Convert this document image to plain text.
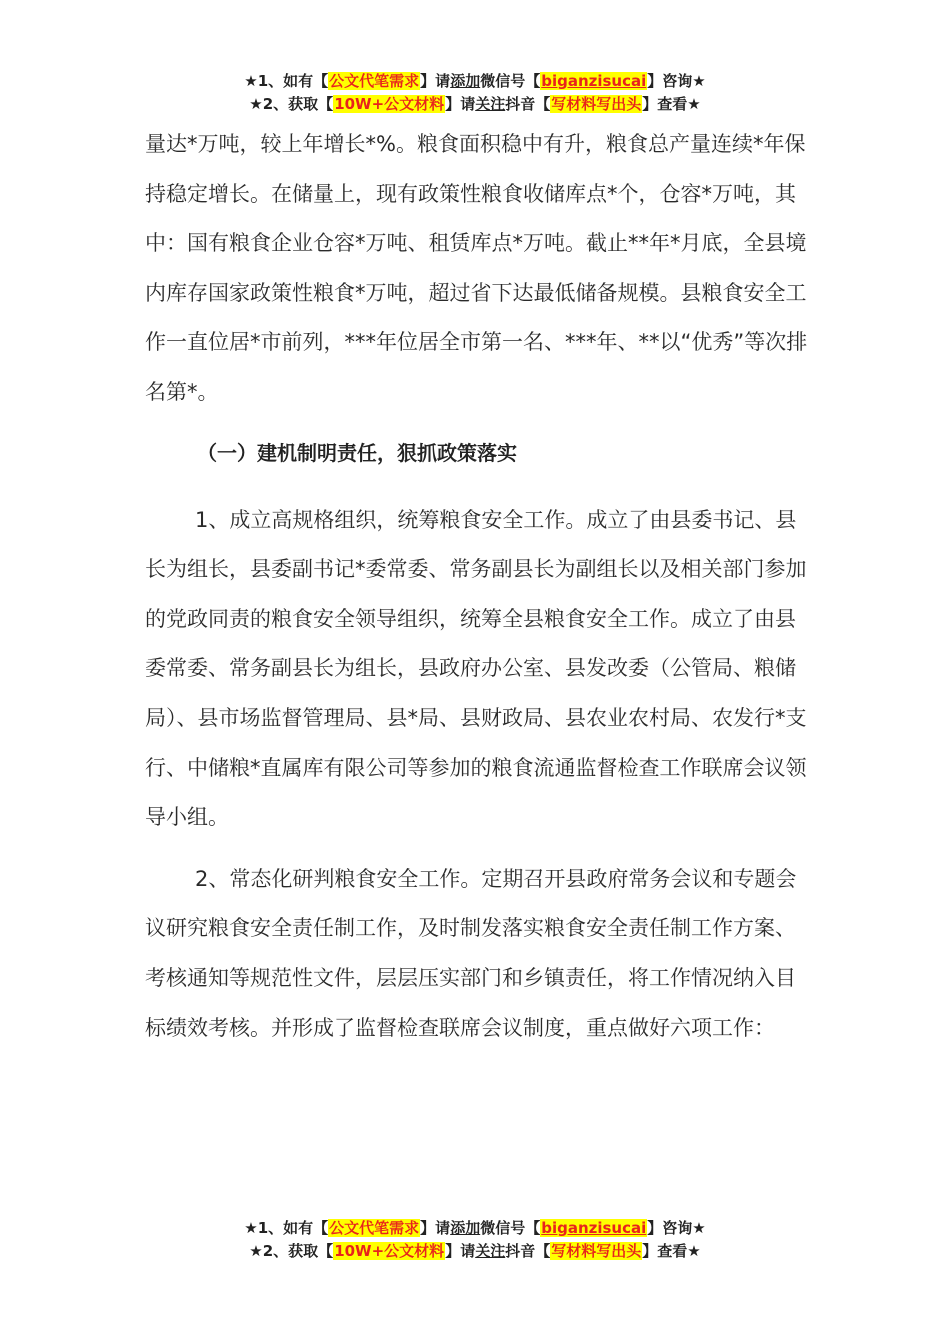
★1、如有【公文代笔需求】请添加微信号【biganzisucai】咨询★
★2、获取【10W+公文材料】请关注抖音【写材料写出头】查看★

量达*万吨，较上年增长*%。粮食面积稳中有升，粮食总产量连续*年保持稳定增长。在储量上，现有政策性粮食收储库点*个，仓容*万吨，其中：国有粮食企业仓容*万吨、租赁库点*万吨。截止**年*月底，全县境内库存国家政策性粮食*万吨，超过省下达最低储备规模。县粮食安全工作一直位居*市前列，***年位居全市第一名、***年、**以“优秀”等次排名第*。

（一）建机制明责任，狠抓政策落实

1、成立高规格组织，统筹粮食安全工作。成立了由县委书记、县长为组长，县委副书记*委常委、常务副县长为副组长以及相关部门参加的党政同责的粮食安全领导组织，统筹全县粮食安全工作。成立了由县委常委、常务副县长为组长，县政府办公室、县发改委（公管局、粮储局）、县市场监督管理局、县*局、县财政局、县农业农村局、农发行*支行、中储粮*直属库有限公司等参加的粮食流通监督检查工作联席会议领导小组。

2、常态化研判粮食安全工作。定期召开县政府常务会议和专题会议研究粮食安全责任制工作，及时制发落实粮食安全责任制工作方案、考核通知等规范性文件，层层压实部门和乡镇责任，将工作情况纳入目标绩效考核。并形成了监督检查联席会议制度，重点做好六项工作：

★1、如有【公文代笔需求】请添加微信号【biganzisucai】咨询★
★2、获取【10W+公文材料】请关注抖音【写材料写出头】查看★
